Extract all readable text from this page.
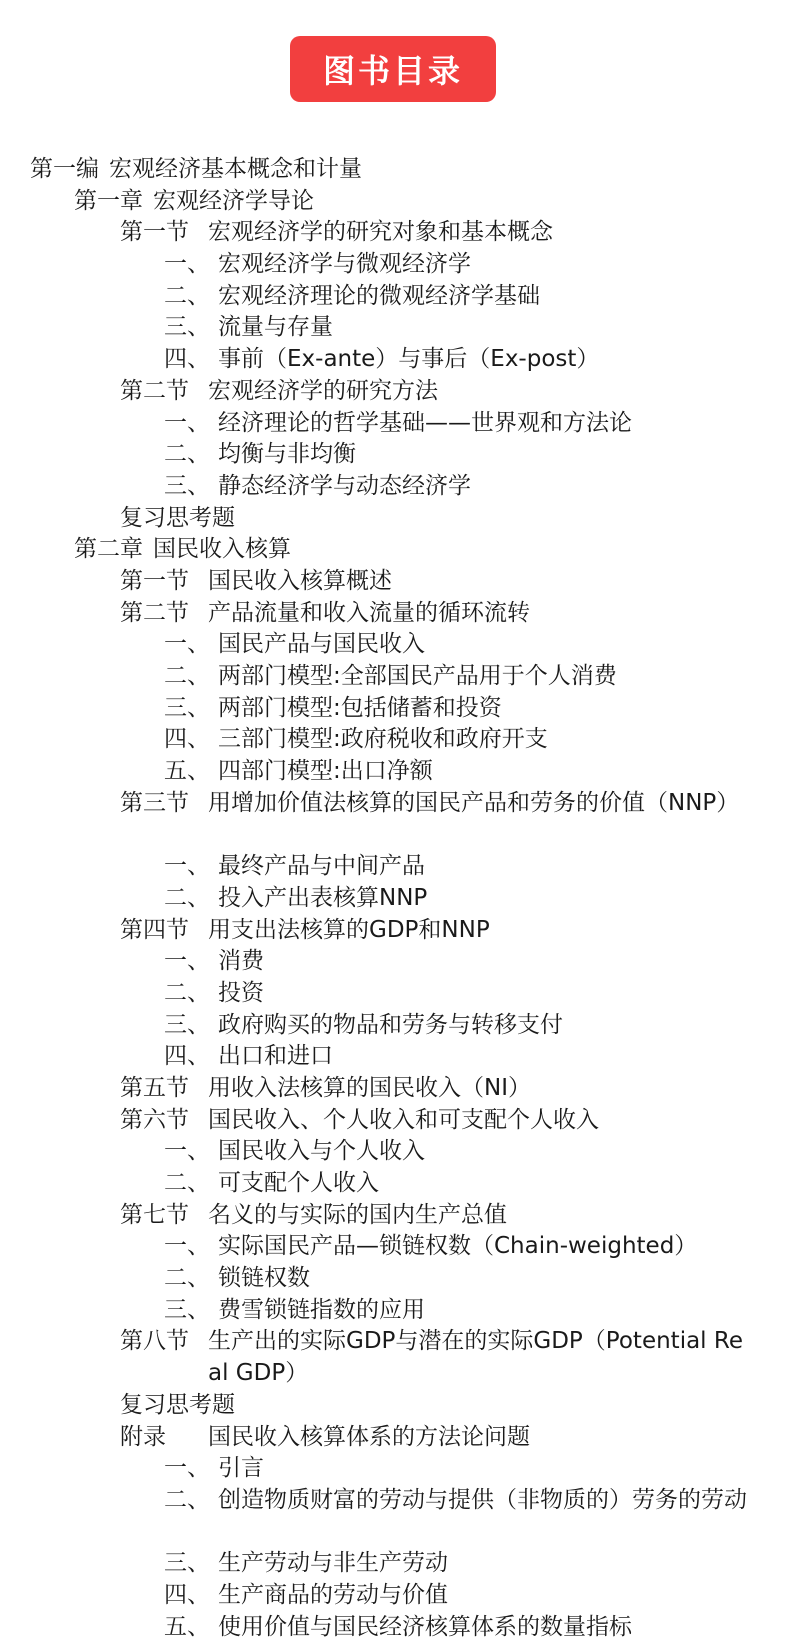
图书目录
第一编 宏观经济基本概念和计量
第一章 宏观经济学导论
第一节 宏观经济学的研究对象和基本概念
一、 宏观经济学与微观经济学
二、 宏观经济理论的微观经济学基础
三、 流量与存量
四、 事前（Ex-ante）与事后（Ex-post）
第二节 宏观经济学的研究方法
一、 经济理论的哲学基础——世界观和方法论
二、 均衡与非均衡
三、 静态经济学与动态经济学
复习思考题
第二章 国民收入核算
第一节 国民收入核算概述
第二节 产品流量和收入流量的循环流转
一、 国民产品与国民收入
二、 两部门模型:全部国民产品用于个人消费
三、 两部门模型:包括储蓄和投资
四、 三部门模型:政府税收和政府开支
五、 四部门模型:出口净额
第三节 用增加价值法核算的国民产品和劳务的价值（NNP）
一、 最终产品与中间产品
二、 投入产出表核算NNP
第四节 用支出法核算的GDP和NNP
一、 消费
二、 投资
三、 政府购买的物品和劳务与转移支付
四、 出口和进口
第五节 用收入法核算的国民收入（NI）
第六节 国民收入、个人收入和可支配个人收入
一、 国民收入与个人收入
二、 可支配个人收入
第七节 名义的与实际的国内生产总值
一、 实际国民产品—锁链权数（Chain-weighted）
二、 锁链权数
三、 费雪锁链指数的应用
第八节 生产出的实际GDP与潜在的实际GDP（Potential Real GDP）
复习思考题
附录	国民收入核算体系的方法论问题
一、 引言
二、 创造物质财富的劳动与提供（非物质的）劳务的劳动
三、 生产劳动与非生产劳动
四、 生产商品的劳动与价值
五、 使用价值与国民经济核算体系的数量指标
